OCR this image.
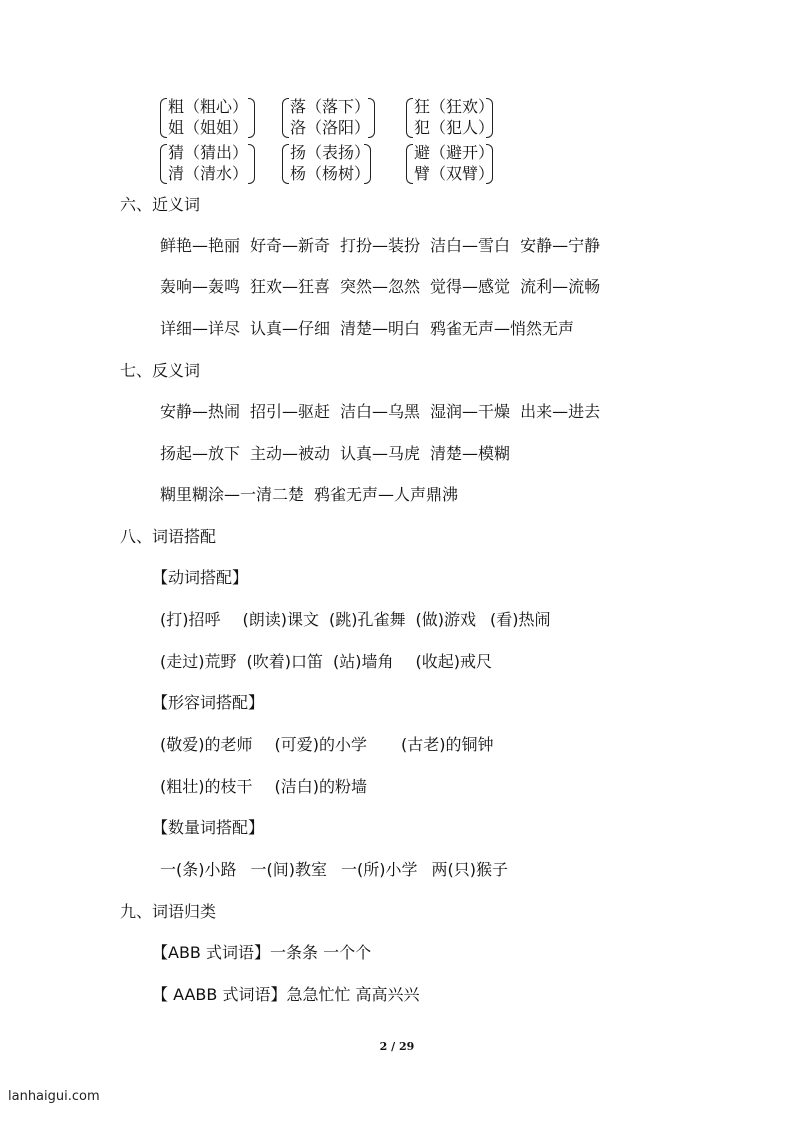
粗（粗心）
姐（姐姐）
落（落下）
洛（洛阳）
狂（狂欢）
犯（犯人）
猜（猜出）
清（清水）
扬（表扬）
杨（杨树）
避（避开）
臂（双臂）
六、近义词
鲜艳—艳丽 好奇—新奇 打扮—装扮 洁白—雪白 安静—宁静
轰响—轰鸣 狂欢—狂喜 突然—忽然 觉得—感觉 流利—流畅
详细—详尽 认真—仔细 清楚—明白 鸦雀无声—悄然无声
七、反义词
安静—热闹 招引—驱赶 洁白—乌黑 湿润—干燥 出来—进去
扬起—放下 主动—被动 认真—马虎 清楚—模糊
糊里糊涂—一清二楚 鸦雀无声—人声鼎沸
八、词语搭配
【动词搭配】
(打)招呼 (朗读)课文 (跳)孔雀舞 (做)游戏 (看)热闹
(走过)荒野 (吹着)口笛 (站)墙角 (收起)戒尺
【形容词搭配】
(敬爱)的老师 (可爱)的小学 (古老)的铜钟
(粗壮)的枝干 (洁白)的粉墙
【数量词搭配】
一(条)小路 一(间)教室 一(所)小学 两(只)猴子
九、词语归类
【ABB 式词语】一条条 一个个
【 AABB 式词语】急急忙忙 高高兴兴
2 / 29
lanhaigui.com
